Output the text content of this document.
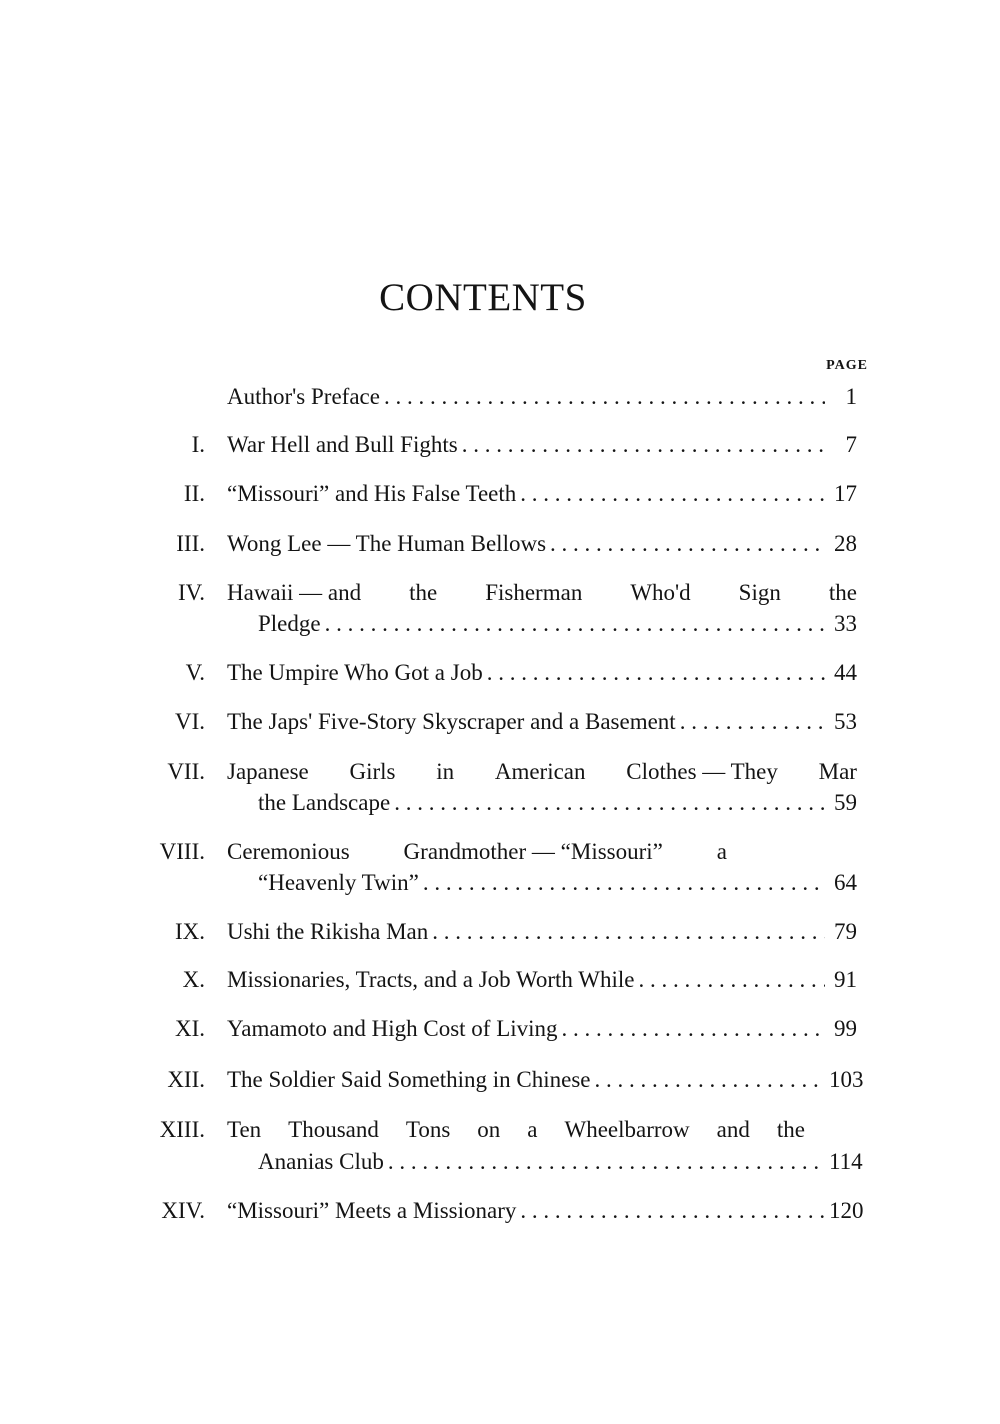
CONTENTS
PAGE
Author's Preface . . .	1
I. War Hell and Bull Fights . . .	7
II. “Missouri” and His False Teeth . . .	17
III. Wong Lee — The Human Bellows . . .	28
IV. Hawaii — and the Fisherman Who'd Sign the
Pledge . . .	33
V. The Umpire Who Got a Job . . .	44
VI. The Japs' Five-Story Skyscraper and a Basement . . .	53
VII. Japanese Girls in American Clothes — They Mar
the Landscape . . .	59
VIII. Ceremonious Grandmother — “Missouri” a
“Heavenly Twin” . . .	64
IX. Ushi the Rikisha Man . . .	79
X. Missionaries, Tracts, and a Job Worth While . . .	91
XI. Yamamoto and High Cost of Living . . .	99
XII. The Soldier Said Something in Chinese . . .	103
XIII. Ten Thousand Tons on a Wheelbarrow and the
Ananias Club . . .	114
XIV. “Missouri” Meets a Missionary . . .	120
